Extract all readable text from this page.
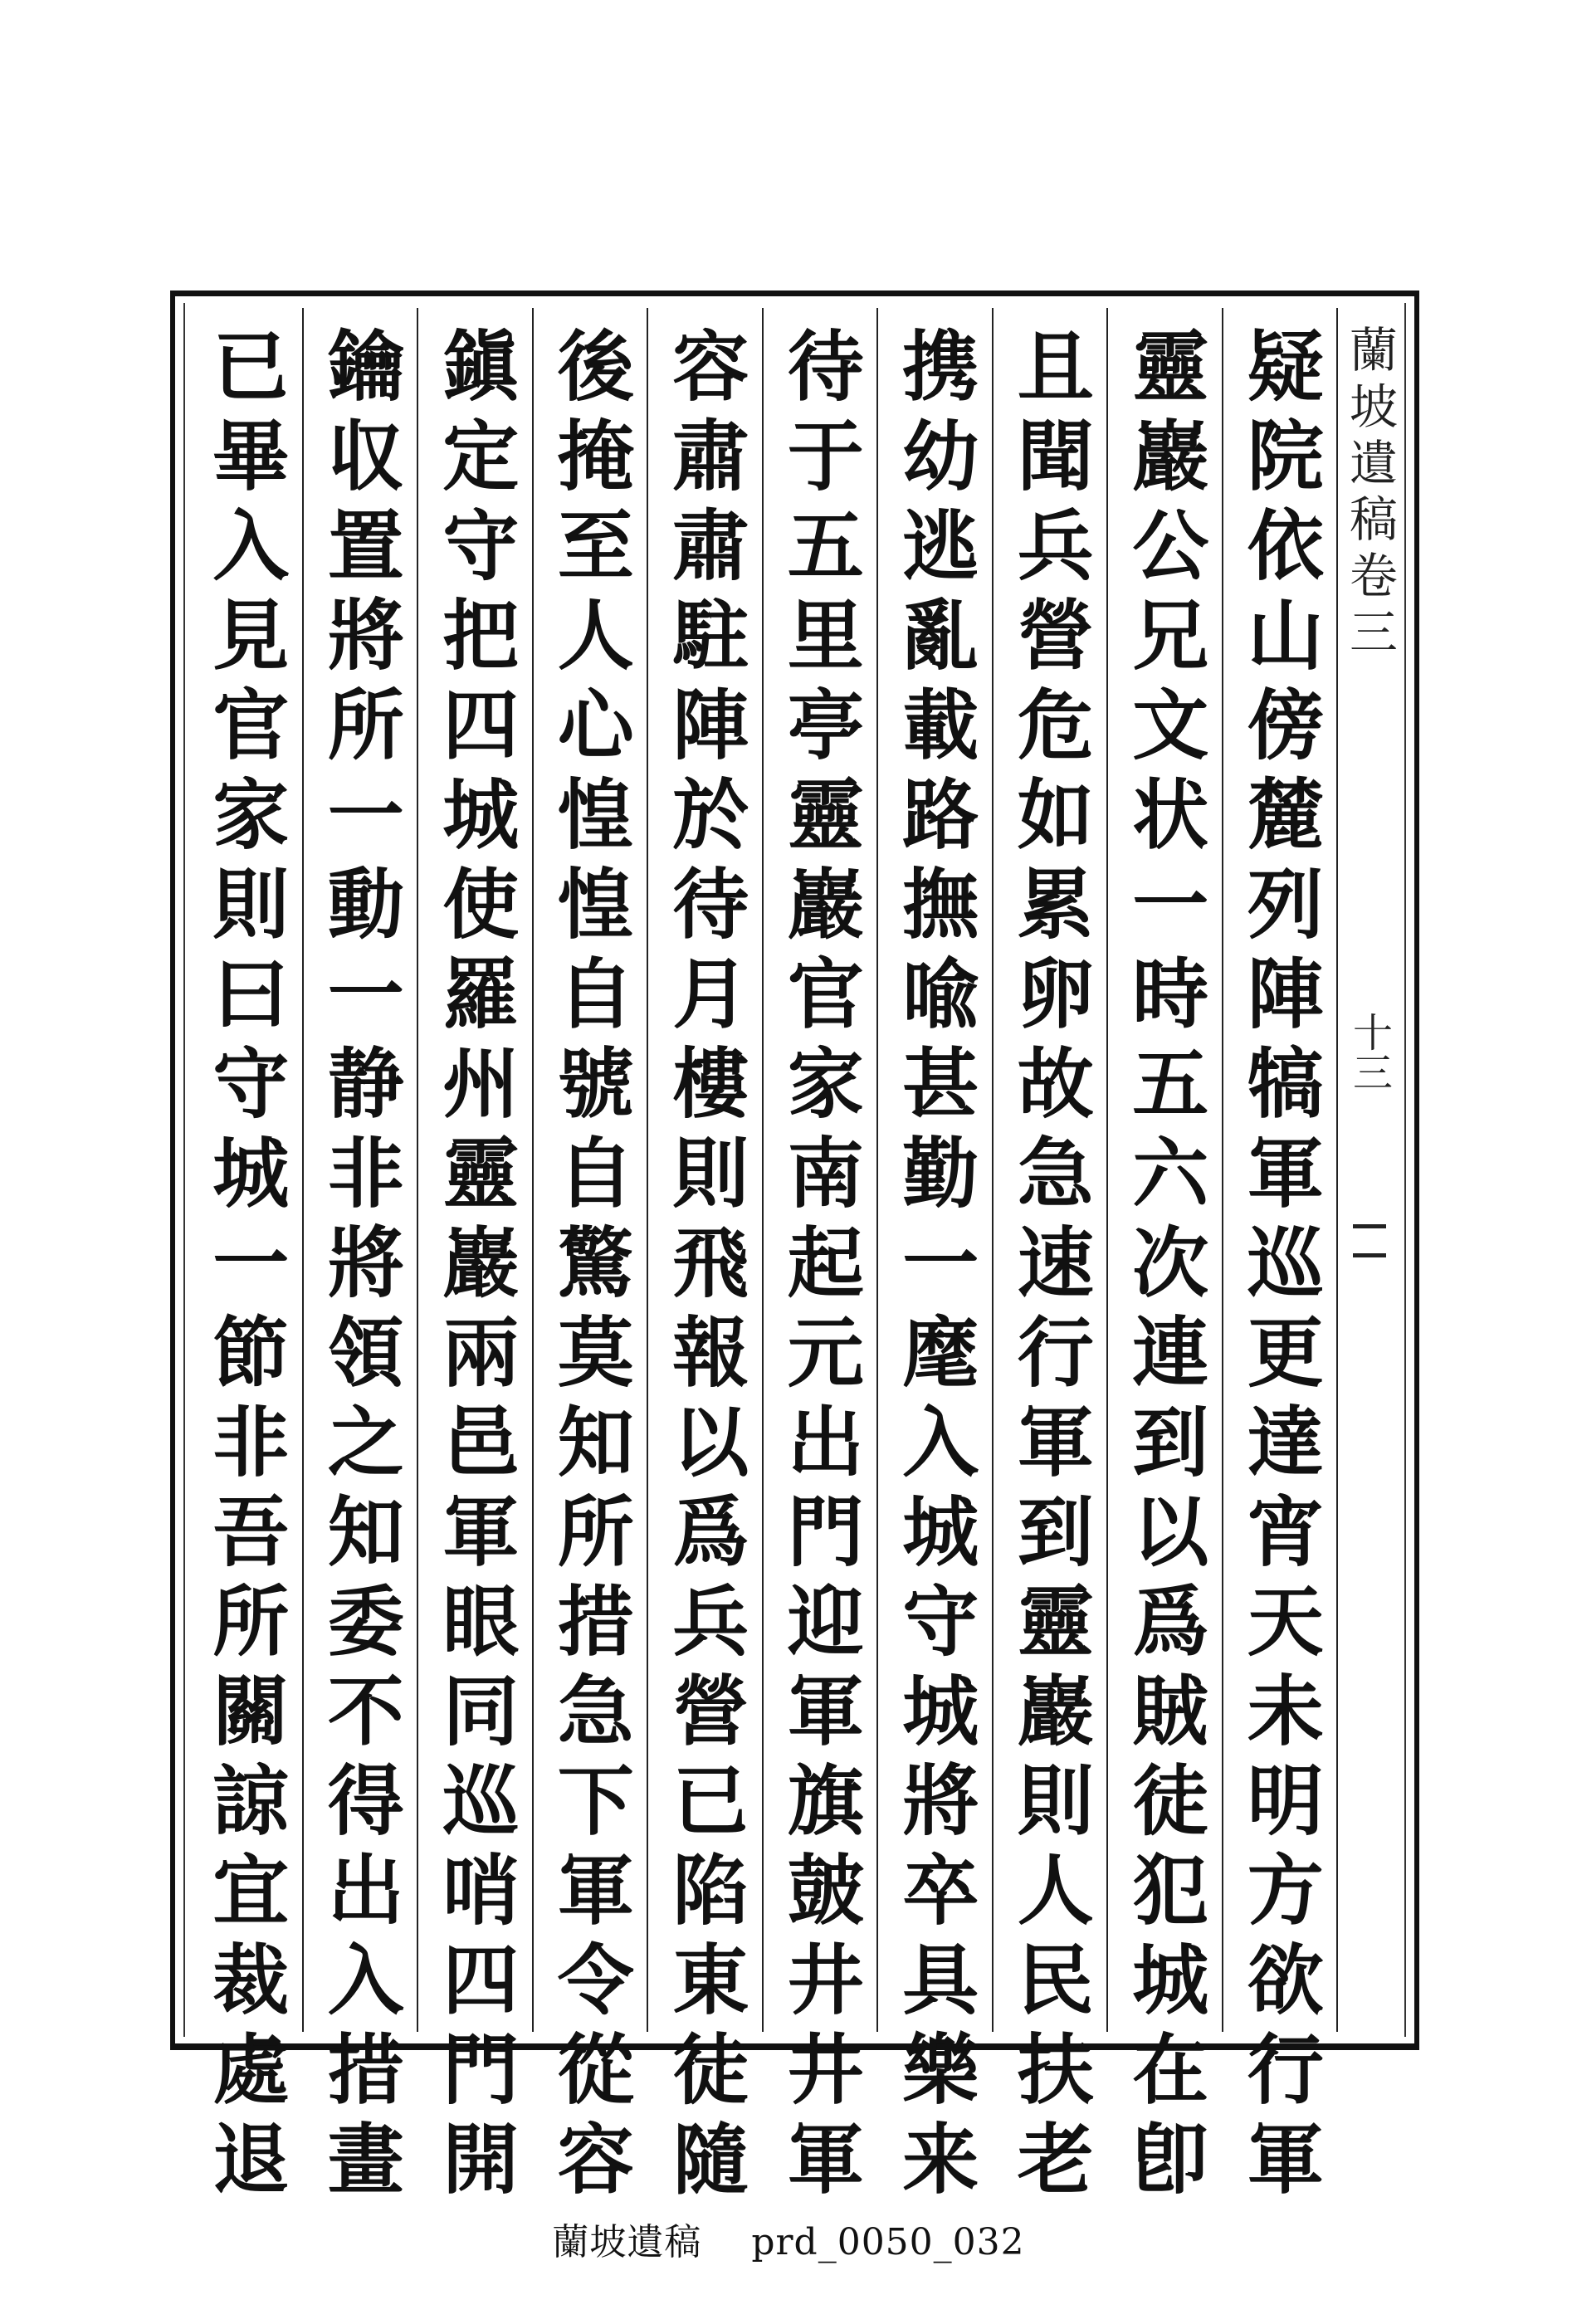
蘭坡遺稿卷三
十三
疑院依山傍麓列陣犒軍巡更達宵天未明方欲行軍
靈巖公兄文状一時五六次連到以爲賊徒犯城在卽
且聞兵營危如累卵故急速行軍到靈巖則人民扶老
携幼逃亂載路撫喩甚勤一麾入城守城將卒具樂来
待于五里亭靈巖官家南起元出門迎軍旗皷井井軍
容肅肅駐陣於待月樓則飛報以爲兵營已陷東徒隨
後掩至人心惶惶自號自驚莫知所措急下軍令從容
鎭定守把四城使羅州靈巖兩邑軍眼同巡哨四門開
鑰収置將所一動一静非將領之知委不得出入措畫
已畢入見官家則曰守城一節非吾所關諒宜裁處退
蘭坡遺稿 prd_0050_032
